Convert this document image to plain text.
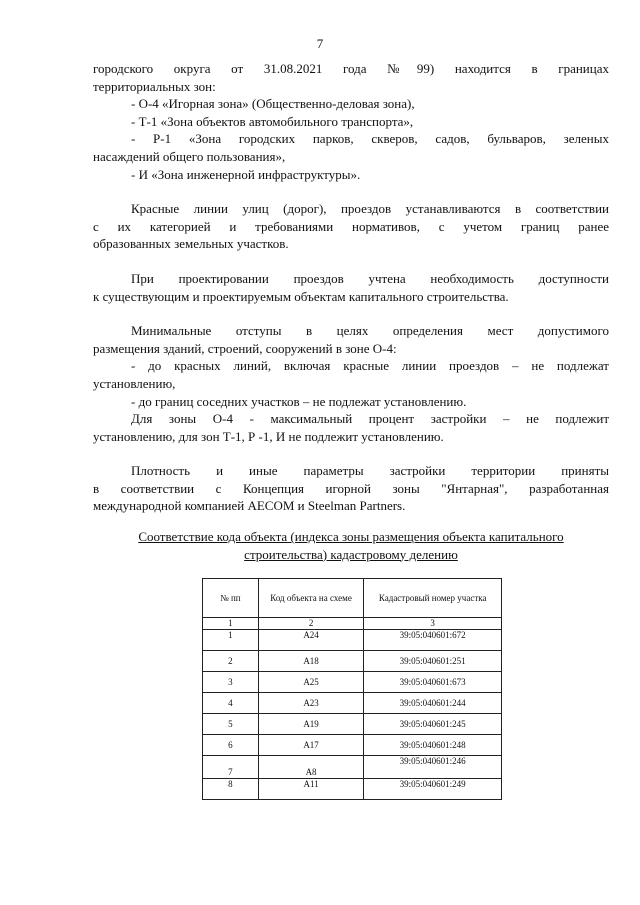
7

городского округа от 31.08.2021 года №99) находится в границах

территориальных зон:

- О-4 «Игорная зона» (Общественно-деловая зона),

- Т-1 «Зона объектов автомобильного транспорта»,

- Р-1 «Зона городских парков, скверов, садов, бульваров, зеленых

насаждений общего пользования»,

- И «Зона инженерной инфраструктуры».

Красные линии улиц (дорог), проездов устанавливаются в соответствии

с их категорией и требованиями нормативов, с учетом границ ранее

образованных земельных участков.

При проектировании проездов учтена необходимость доступности

к существующим и проектируемым объектам капитального строительства.

Минимальные отступы в целях определения мест допустимого

размещения зданий, строений, сооружений в зоне О-4:

- до красных линий, включая красные линии проездов – не подлежат

установлению,

- до границ соседних участков – не подлежат установлению.

Для зоны О-4 - максимальный процент застройки – не подлежит

установлению, для зон Т-1, Р -1, И не подлежит установлению.

Плотность и иные параметры застройки территории приняты

в соответствии с Концепция игорной зоны "Янтарная", разработанная

международной компанией AECOM и Steelman Partners.

Соответствие кода объекта (индекса зоны размещения объекта капитального
строительства) кадастровому делению
№ пп	Код объекта на схеме	Кадастровый номер участка
1	2	3
1	А24	39:05:040601:672
2	А18	39:05:040601:251
3	А25	39:05:040601:673
4	А23	39:05:040601:244
5	А19	39:05:040601:245
6	А17	39:05:040601:248
7	А8	39:05:040601:246
8	А11	39:05:040601:249
